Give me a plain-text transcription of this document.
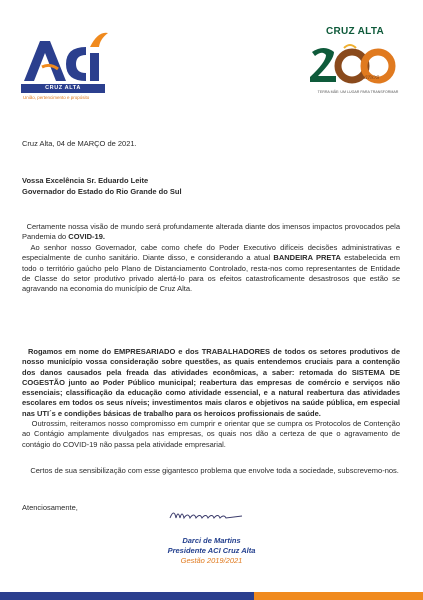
CRUZ ALTA
União, pertencimento e propósito
CRUZ ALTA
anos
TERRA MÃE: UM LUGAR PARA TRANSFORMAR
Cruz Alta, 04 de MARÇO de 2021.
Vossa Excelência Sr. Eduardo Leite
Governador do Estado do Rio Grande do Sul
Certamente nossa visão de mundo será profundamente alterada diante dos imensos impactos provocados pela Pandemia do COVID-19.
Ao senhor nosso Governador, cabe como chefe do Poder Executivo difíceis decisões administrativas e especialmente de cunho sanitário. Diante disso, e considerando a atual BANDEIRA PRETA estabelecida em todo o território gaúcho pelo Plano de Distanciamento Controlado, resta-nos como representantes de Entidade de Classe do setor produtivo privado alertá-lo para os efeitos catastroficamente desastrosos que estão se agravando na economia do município de Cruz Alta.
Rogamos em nome do EMPRESARIADO e dos TRABALHADORES de todos os setores produtivos de nosso município vossa consideração sobre questões, as quais entendemos cruciais para a contenção dos danos causados pela freada das atividades econômicas, a saber: retomada do SISTEMA DE COGESTÃO junto ao Poder Público municipal; reabertura das empresas de comércio e serviços não essenciais; classificação da educação como atividade essencial, e a natural reabertura das atividades escolares em todos os seus níveis; investimentos mais claros e objetivos na saúde pública, em especial nas UTI´s e condições básicas de trabalho para os heroicos profissionais de saúde.
Outrossim, reiteramos nosso compromisso em cumprir e orientar que se cumpra os Protocolos de Contenção ao Contágio amplamente divulgados nas empresas, os quais nos dão a certeza de que o agravamento de contágio do COVID-19 não passa pela atividade empresarial.
Certos de sua sensibilização com esse gigantesco problema que envolve toda a sociedade, subscrevemo-nos.
Atenciosamente,
Darci de Martins
Presidente ACI Cruz Alta
Gestão 2019/2021
